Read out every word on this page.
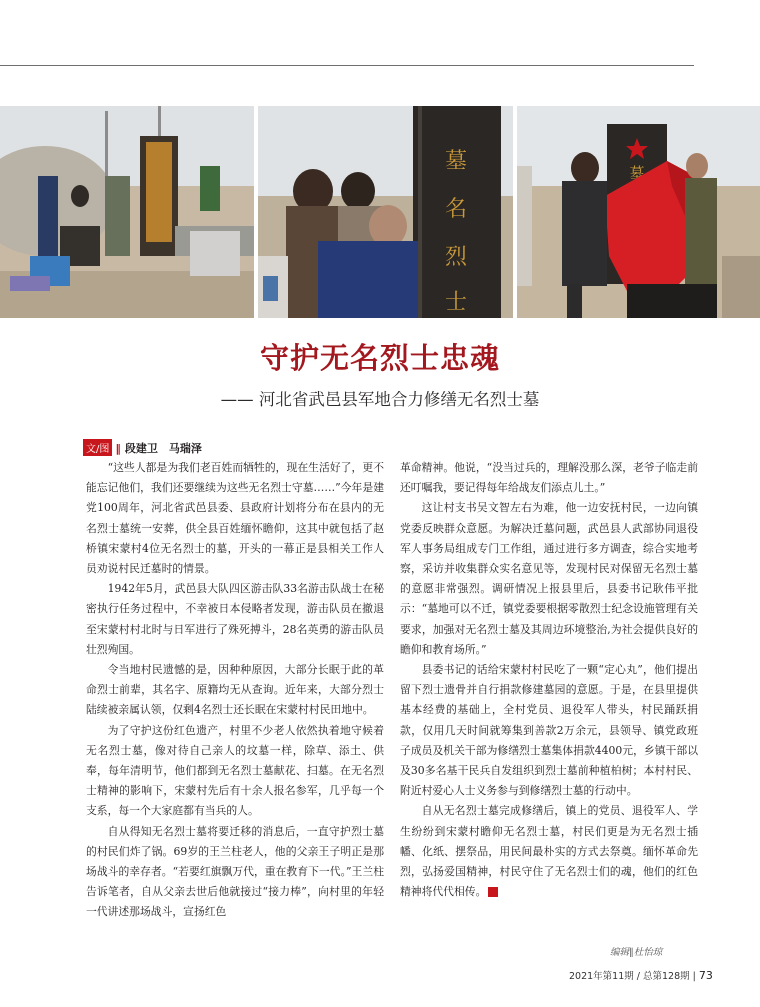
墓
名
烈
士
墓
守护无名烈士忠魂
—— 河北省武邑县军地合力修缮无名烈士墓
文/图 ‖ 段建卫　马瑞泽

“这些人都是为我们老百姓而牺牲的，现在生活好了，更不能忘记他们，我们还要继续为这些无名烈士守墓……”今年是建党100周年，河北省武邑县委、县政府计划将分布在县内的无名烈士墓统一安葬，供全县百姓缅怀瞻仰，这其中就包括了赵桥镇宋蒙村4位无名烈士的墓，开头的一幕正是县相关工作人员劝说村民迁墓时的情景。

1942年5月，武邑县大队四区游击队33名游击队战士在秘密执行任务过程中，不幸被日本侵略者发现，游击队员在撤退至宋蒙村村北时与日军进行了殊死搏斗，28名英勇的游击队员壮烈殉国。

令当地村民遗憾的是，因种种原因，大部分长眠于此的革命烈士前辈，其名字、原籍均无从查询。近年来，大部分烈士陆续被亲属认领，仅剩4名烈士还长眠在宋蒙村村民田地中。

为了守护这份红色遗产，村里不少老人依然执着地守候着无名烈士墓，像对待自己亲人的坟墓一样，除草、添土、供奉，每年清明节，他们都到无名烈士墓献花、扫墓。在无名烈士精神的影响下，宋蒙村先后有十余人报名参军，几乎每一个支系，每一个大家庭都有当兵的人。

自从得知无名烈士墓将要迁移的消息后，一直守护烈士墓的村民们炸了锅。69岁的王兰柱老人，他的父亲王子明正是那场战斗的幸存者。“若要红旗飘万代，重在教育下一代。”王兰柱告诉笔者，自从父亲去世后他就接过“接力棒”，向村里的年轻一代讲述那场战斗，宣扬红色

革命精神。他说，“没当过兵的，理解没那么深，老爷子临走前还叮嘱我，要记得每年给战友们添点儿土。”

这让村支书吴文智左右为难，他一边安抚村民，一边向镇党委反映群众意愿。为解决迁墓问题，武邑县人武部协同退役军人事务局组成专门工作组，通过进行多方调查，综合实地考察，采访并收集群众实名意见等，发现村民对保留无名烈士墓的意愿非常强烈。调研情况上报县里后，县委书记耿伟平批示：“墓地可以不迁，镇党委要根据零散烈士纪念设施管理有关要求，加强对无名烈士墓及其周边环境整治,为社会提供良好的瞻仰和教育场所。”

县委书记的话给宋蒙村村民吃了一颗“定心丸”，他们提出留下烈士遗骨并自行捐款修建墓园的意愿。于是，在县里提供基本经费的基础上，全村党员、退役军人带头，村民踊跃捐款，仅用几天时间就筹集到善款2万余元，县领导、镇党政班子成员及机关干部为修缮烈士墓集体捐款4400元，乡镇干部以及30多名基干民兵自发组织到烈士墓前种植柏树；本村村民、附近村爱心人士义务参与到修缮烈士墓的行动中。

自从无名烈士墓完成修缮后，镇上的党员、退役军人、学生纷纷到宋蒙村瞻仰无名烈士墓，村民们更是为无名烈士插幡、化纸、摆祭品，用民间最朴实的方式去祭奠。缅怀革命先烈，弘扬爱国精神，村民守住了无名烈士们的魂，他们的红色精神将代代相传。	G

编辑∥杜怡琼
2021年第11期 / 总第128期 | 73
